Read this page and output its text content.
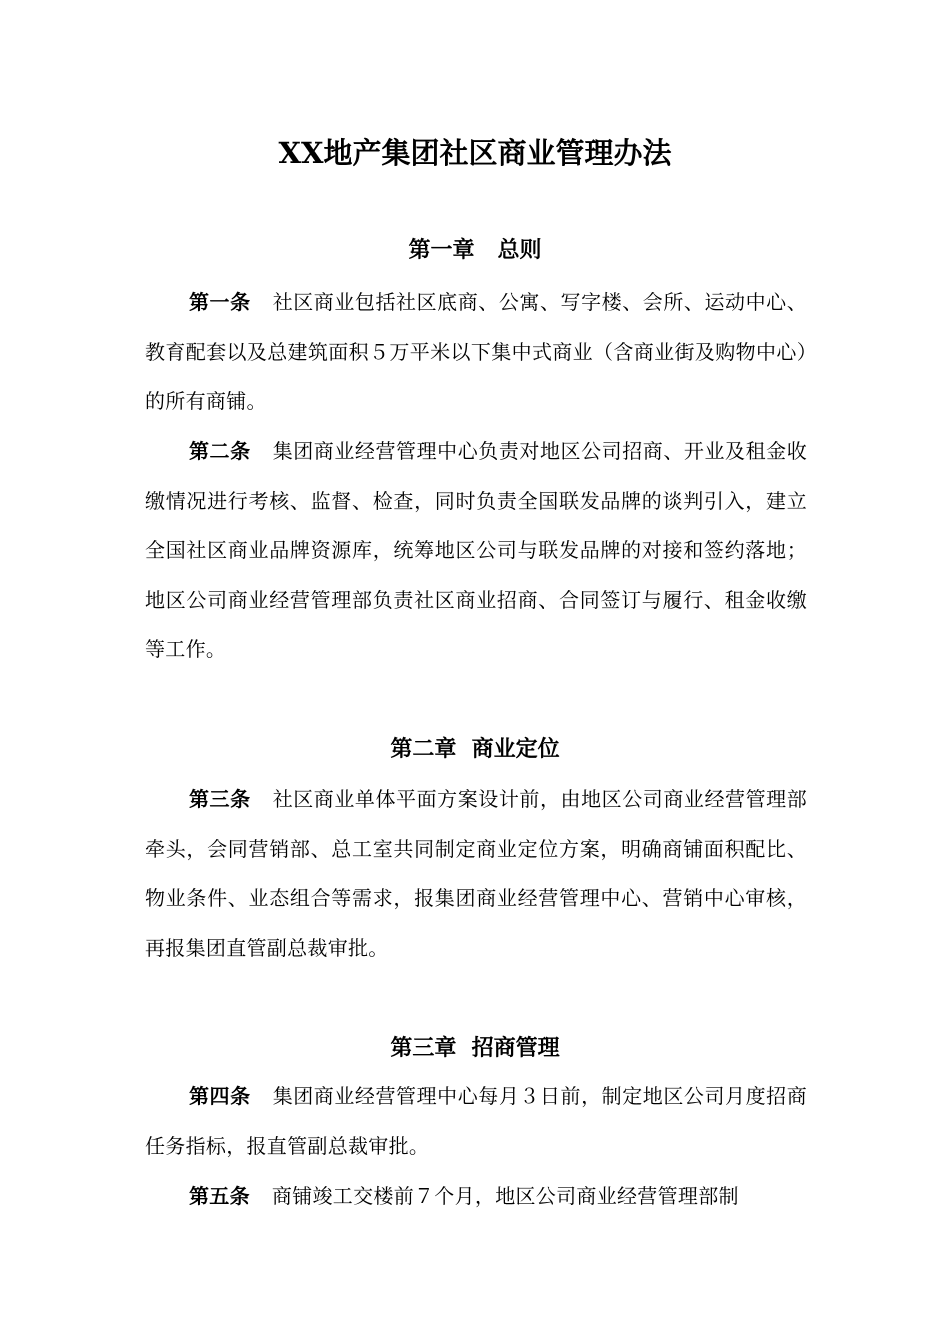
XX地产集团社区商业管理办法
第一章   总则

第一条 社区商业包括社区底商、公寓、写字楼、会所、运动中心、教育配套以及总建筑面积５万平米以下集中式商业（含商业街及购物中心）的所有商铺。

第二条 集团商业经营管理中心负责对地区公司招商、开业及租金收缴情况进行考核、监督、检查，同时负责全国联发品牌的谈判引入，建立全国社区商业品牌资源库，统筹地区公司与联发品牌的对接和签约落地；地区公司商业经营管理部负责社区商业招商、合同签订与履行、租金收缴等工作。

第二章  商业定位

第三条 社区商业单体平面方案设计前，由地区公司商业经营管理部牵头，会同营销部、总工室共同制定商业定位方案，明确商铺面积配比、物业条件、业态组合等需求，报集团商业经营管理中心、营销中心审核，再报集团直管副总裁审批。

第三章  招商管理

第四条 集团商业经营管理中心每月３日前，制定地区公司月度招商任务指标，报直管副总裁审批。

第五条 商铺竣工交楼前７个月，地区公司商业经营管理部制
